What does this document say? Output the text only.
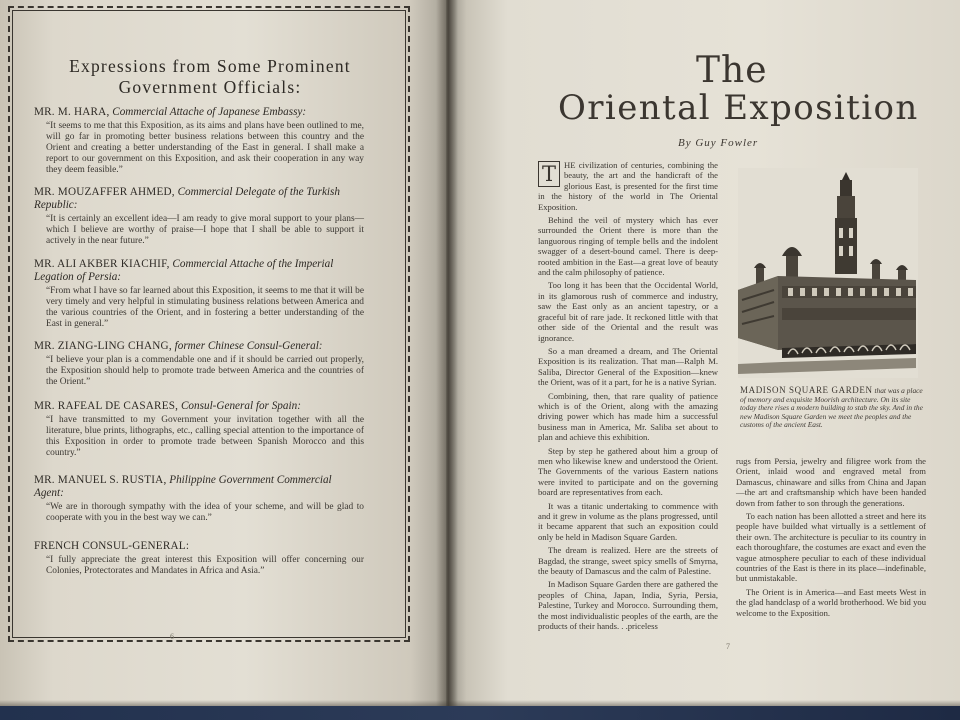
Expressions from Some Prominent
Government Officials:
MR. M. HARA, Commercial Attache of Japanese Embassy:
“It seems to me that this Exposition, as its aims and plans have been outlined to me, will go far in promoting better business relations between this country and the Orient and creating a better understanding of the East in general. I shall make a report to our government on this Exposition, and ask their cooperation in any way they deem feasible.”
MR. MOUZAFFER AHMED, Commercial Delegate of the Turkish Republic:
“It is certainly an excellent idea—I am ready to give moral support to your plans—which I believe are worthy of praise—I hope that I shall be able to support it actively in the near future.”
MR. ALI AKBER KIACHIF, Commercial Attache of the Imperial Legation of Persia:
“From what I have so far learned about this Exposition, it seems to me that it will be very timely and very helpful in stimulating business relations between America and the various countries of the Orient, and in fostering a better understanding of the East in general.”
MR. ZIANG-LING CHANG, former Chinese Consul-General:
“I believe your plan is a commendable one and if it should be carried out properly, the Exposition should help to promote trade between America and the countries of the Orient.”
MR. RAFEAL DE CASARES, Consul-General for Spain:
“I have transmitted to my Government your invitation together with all the literature, blue prints, lithographs, etc., calling special attention to the importance of this Exposition in order to promote trade between Spanish Morocco and this country.”
MR. MANUEL S. RUSTIA, Philippine Government Commercial Agent:
“We are in thorough sympathy with the idea of your scheme, and will be glad to cooperate with you in the best way we can.”
FRENCH CONSUL-GENERAL:
“I fully appreciate the great interest this Exposition will offer concerning our Colonies, Protectorates and Mandates in Africa and Asia.”
6
The
Oriental Exposition
By Guy Fowler

T HE civilization of centuries, combining the beauty, the art and the handicraft of the glorious East, is presented for the first time in the history of the world in The Oriental Exposition.

Behind the veil of mystery which has ever surrounded the Orient there is more than the languorous ringing of temple bells and the indolent swagger of a desert-bound camel. There is deep-rooted ambition in the East—a great love of beauty and the calm philosophy of patience.

Too long it has been that the Occidental World, in its glamorous rush of commerce and industry, saw the East only as an ancient tapestry, or a graceful bit of rare jade. It reckoned little with that other side of the Oriental and the result was ignorance.

So a man dreamed a dream, and The Oriental Exposition is its realization. That man—Ralph M. Saliba, Director General of the Exposition—knew the Orient, was of it a part, for he is a native Syrian.

Combining, then, that rare quality of patience which is of the Orient, along with the amazing driving power which has made him a successful business man in America, Mr. Saliba set about to plan and achieve this exhibition.

Step by step he gathered about him a group of men who likewise knew and understood the Orient. The Governments of the various Eastern nations were invited to participate and on the governing board are representatives from each.

It was a titanic undertaking to commence with and it grew in volume as the plans progressed, until it became apparent that such an exposition could only be held in Madison Square Garden.

The dream is realized. Here are the streets of Bagdad, the strange, sweet spicy smells of Smyrna, the beauty of Damascus and the calm of Palestine.

In Madison Square Garden there are gathered the peoples of China, Japan, India, Syria, Persia, Palestine, Turkey and Morocco. Surrounding them, the most individualistic peoples of the earth, are the products of their hands. . .priceless

MADISON SQUARE GARDEN that was a place of memory and exquisite Moorish architecture. On its site today there rises a modern building to stab the sky. And in the new Madison Square Garden we meet the peoples and the customs of the ancient East.

rugs from Persia, jewelry and filigree work from the Orient, inlaid wood and engraved metal from Damascus, chinaware and silks from China and Japan—the art and craftsmanship which have been handed down from father to son through the generations.

To each nation has been allotted a street and here its people have builded what virtually is a settlement of their own. The architecture is peculiar to its country in each thoroughfare, the costumes are exact and even the vague atmosphere peculiar to each of these individual countries of the East is there in its place—indefinable, but unmistakable.

The Orient is in America—and East meets West in the glad handclasp of a world brotherhood. We bid you welcome to the Exposition.

7
